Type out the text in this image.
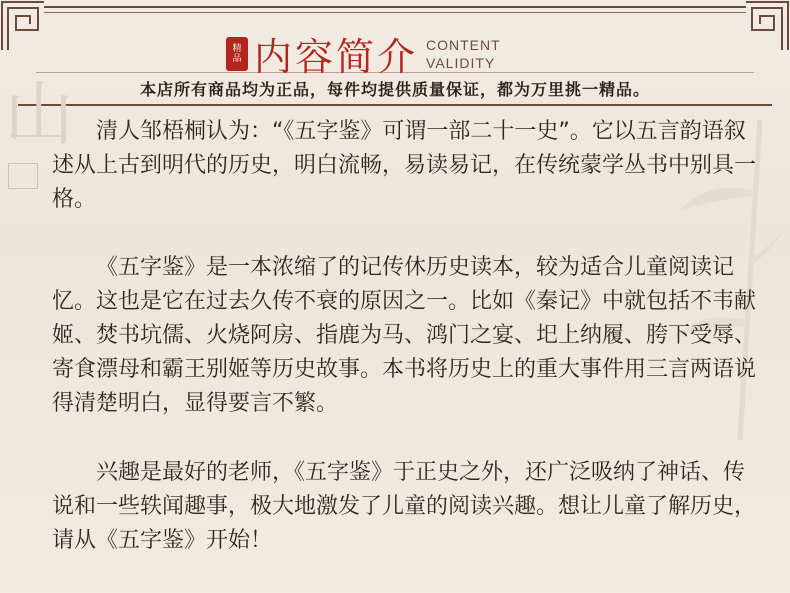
山
精
品 内容简介 CONTENT
VALIDITY
本店所有商品均为正品，每件均提供质量保证，都为万里挑一精品。

清人邹梧桐认为：“《五字鉴》可谓一部二十一史”。它以五言韵语叙述从上古到明代的历史，明白流畅，易读易记，在传统蒙学丛书中别具一格。

《五字鉴》是一本浓缩了的记传休历史读本，较为适合儿童阅读记忆。这也是它在过去久传不衰的原因之一。比如《秦记》中就包括不韦献姬、焚书坑儒、火烧阿房、指鹿为马、鸿门之宴、圯上纳履、胯下受辱、寄食漂母和霸王别姬等历史故事。本书将历史上的重大事件用三言两语说得清楚明白，显得要言不繁。

兴趣是最好的老师，《五字鉴》于正史之外，还广泛吸纳了神话、传说和一些轶闻趣事，极大地激发了儿童的阅读兴趣。想让儿童了解历史，请从《五字鉴》开始！
